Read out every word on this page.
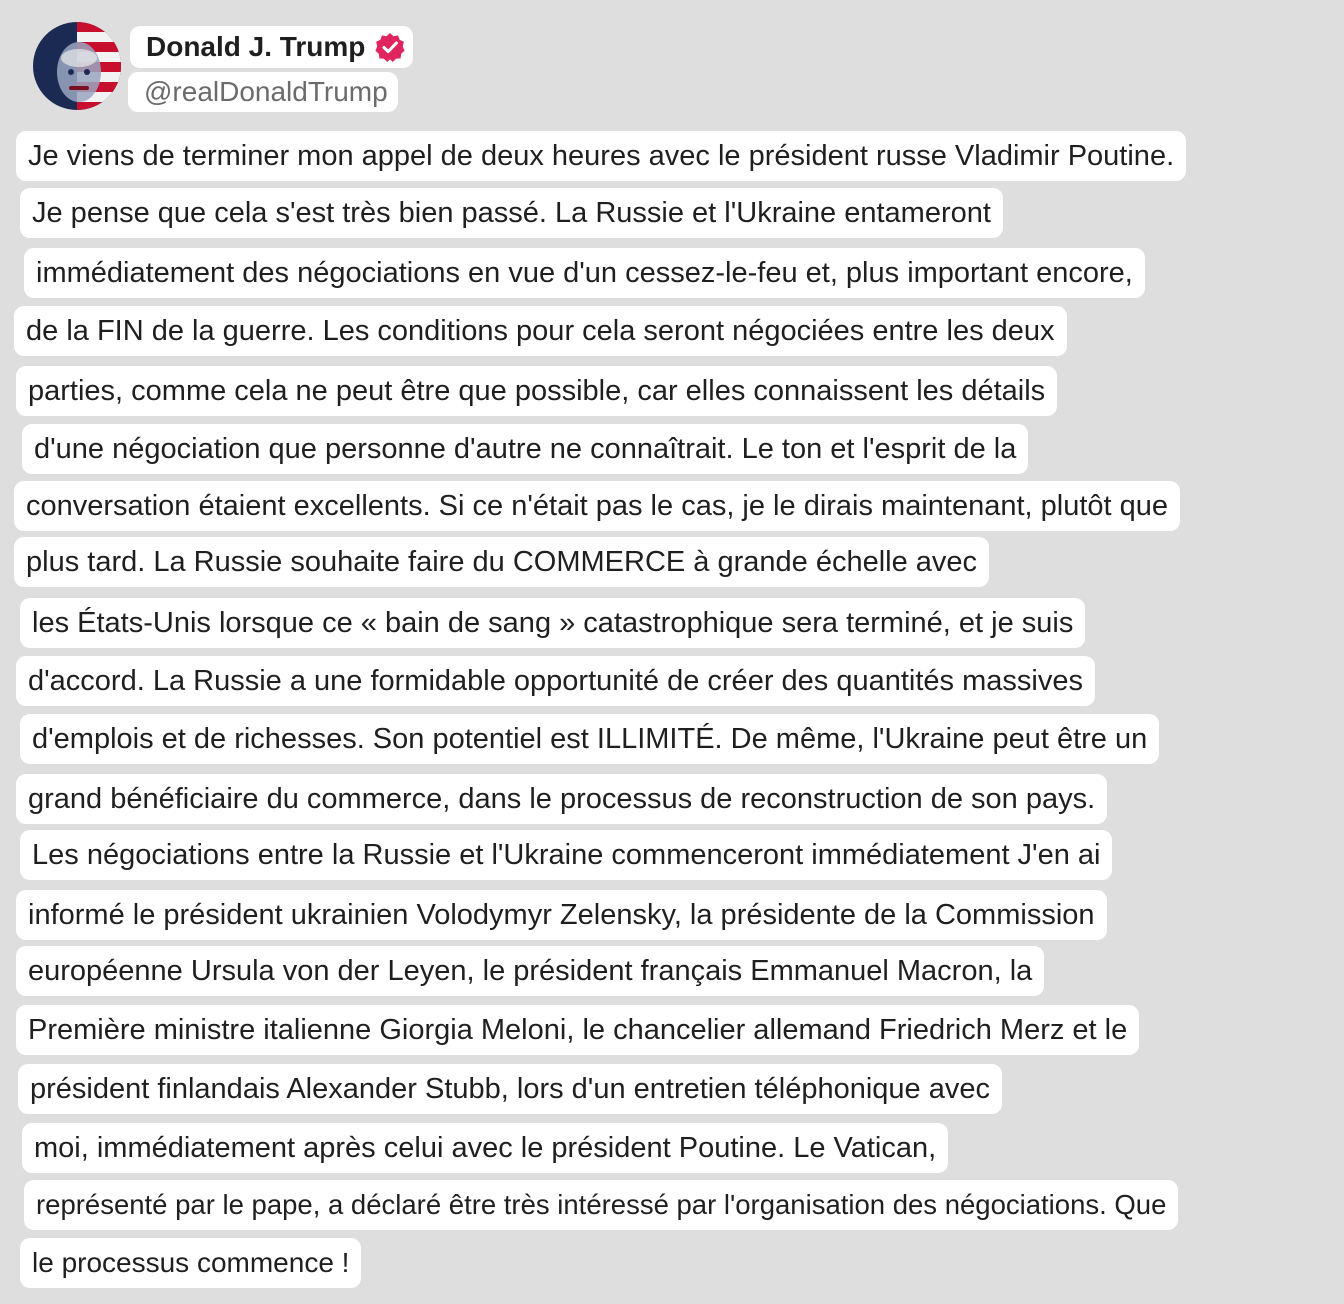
Donald J. Trump
@realDonaldTrump
Je viens de terminer mon appel de deux heures avec le président russe Vladimir Poutine.
Je pense que cela s'est très bien passé. La Russie et l'Ukraine entameront
immédiatement des négociations en vue d'un cessez-le-feu et, plus important encore,
de la FIN de la guerre. Les conditions pour cela seront négociées entre les deux
parties, comme cela ne peut être que possible, car elles connaissent les détails
d'une négociation que personne d'autre ne connaîtrait. Le ton et l'esprit de la
conversation étaient excellents. Si ce n'était pas le cas, je le dirais maintenant, plutôt que
plus tard. La Russie souhaite faire du COMMERCE à grande échelle avec
les États-Unis lorsque ce « bain de sang » catastrophique sera terminé, et je suis
d'accord. La Russie a une formidable opportunité de créer des quantités massives
d'emplois et de richesses. Son potentiel est ILLIMITÉ. De même, l'Ukraine peut être un
grand bénéficiaire du commerce, dans le processus de reconstruction de son pays.
Les négociations entre la Russie et l'Ukraine commenceront immédiatement J'en ai
informé le président ukrainien Volodymyr Zelensky, la présidente de la Commission
européenne Ursula von der Leyen, le président français Emmanuel Macron, la
Première ministre italienne Giorgia Meloni, le chancelier allemand Friedrich Merz et le
président finlandais Alexander Stubb, lors d'un entretien téléphonique avec
moi, immédiatement après celui avec le président Poutine. Le Vatican,
représenté par le pape, a déclaré être très intéressé par l'organisation des négociations. Que
le processus commence !
